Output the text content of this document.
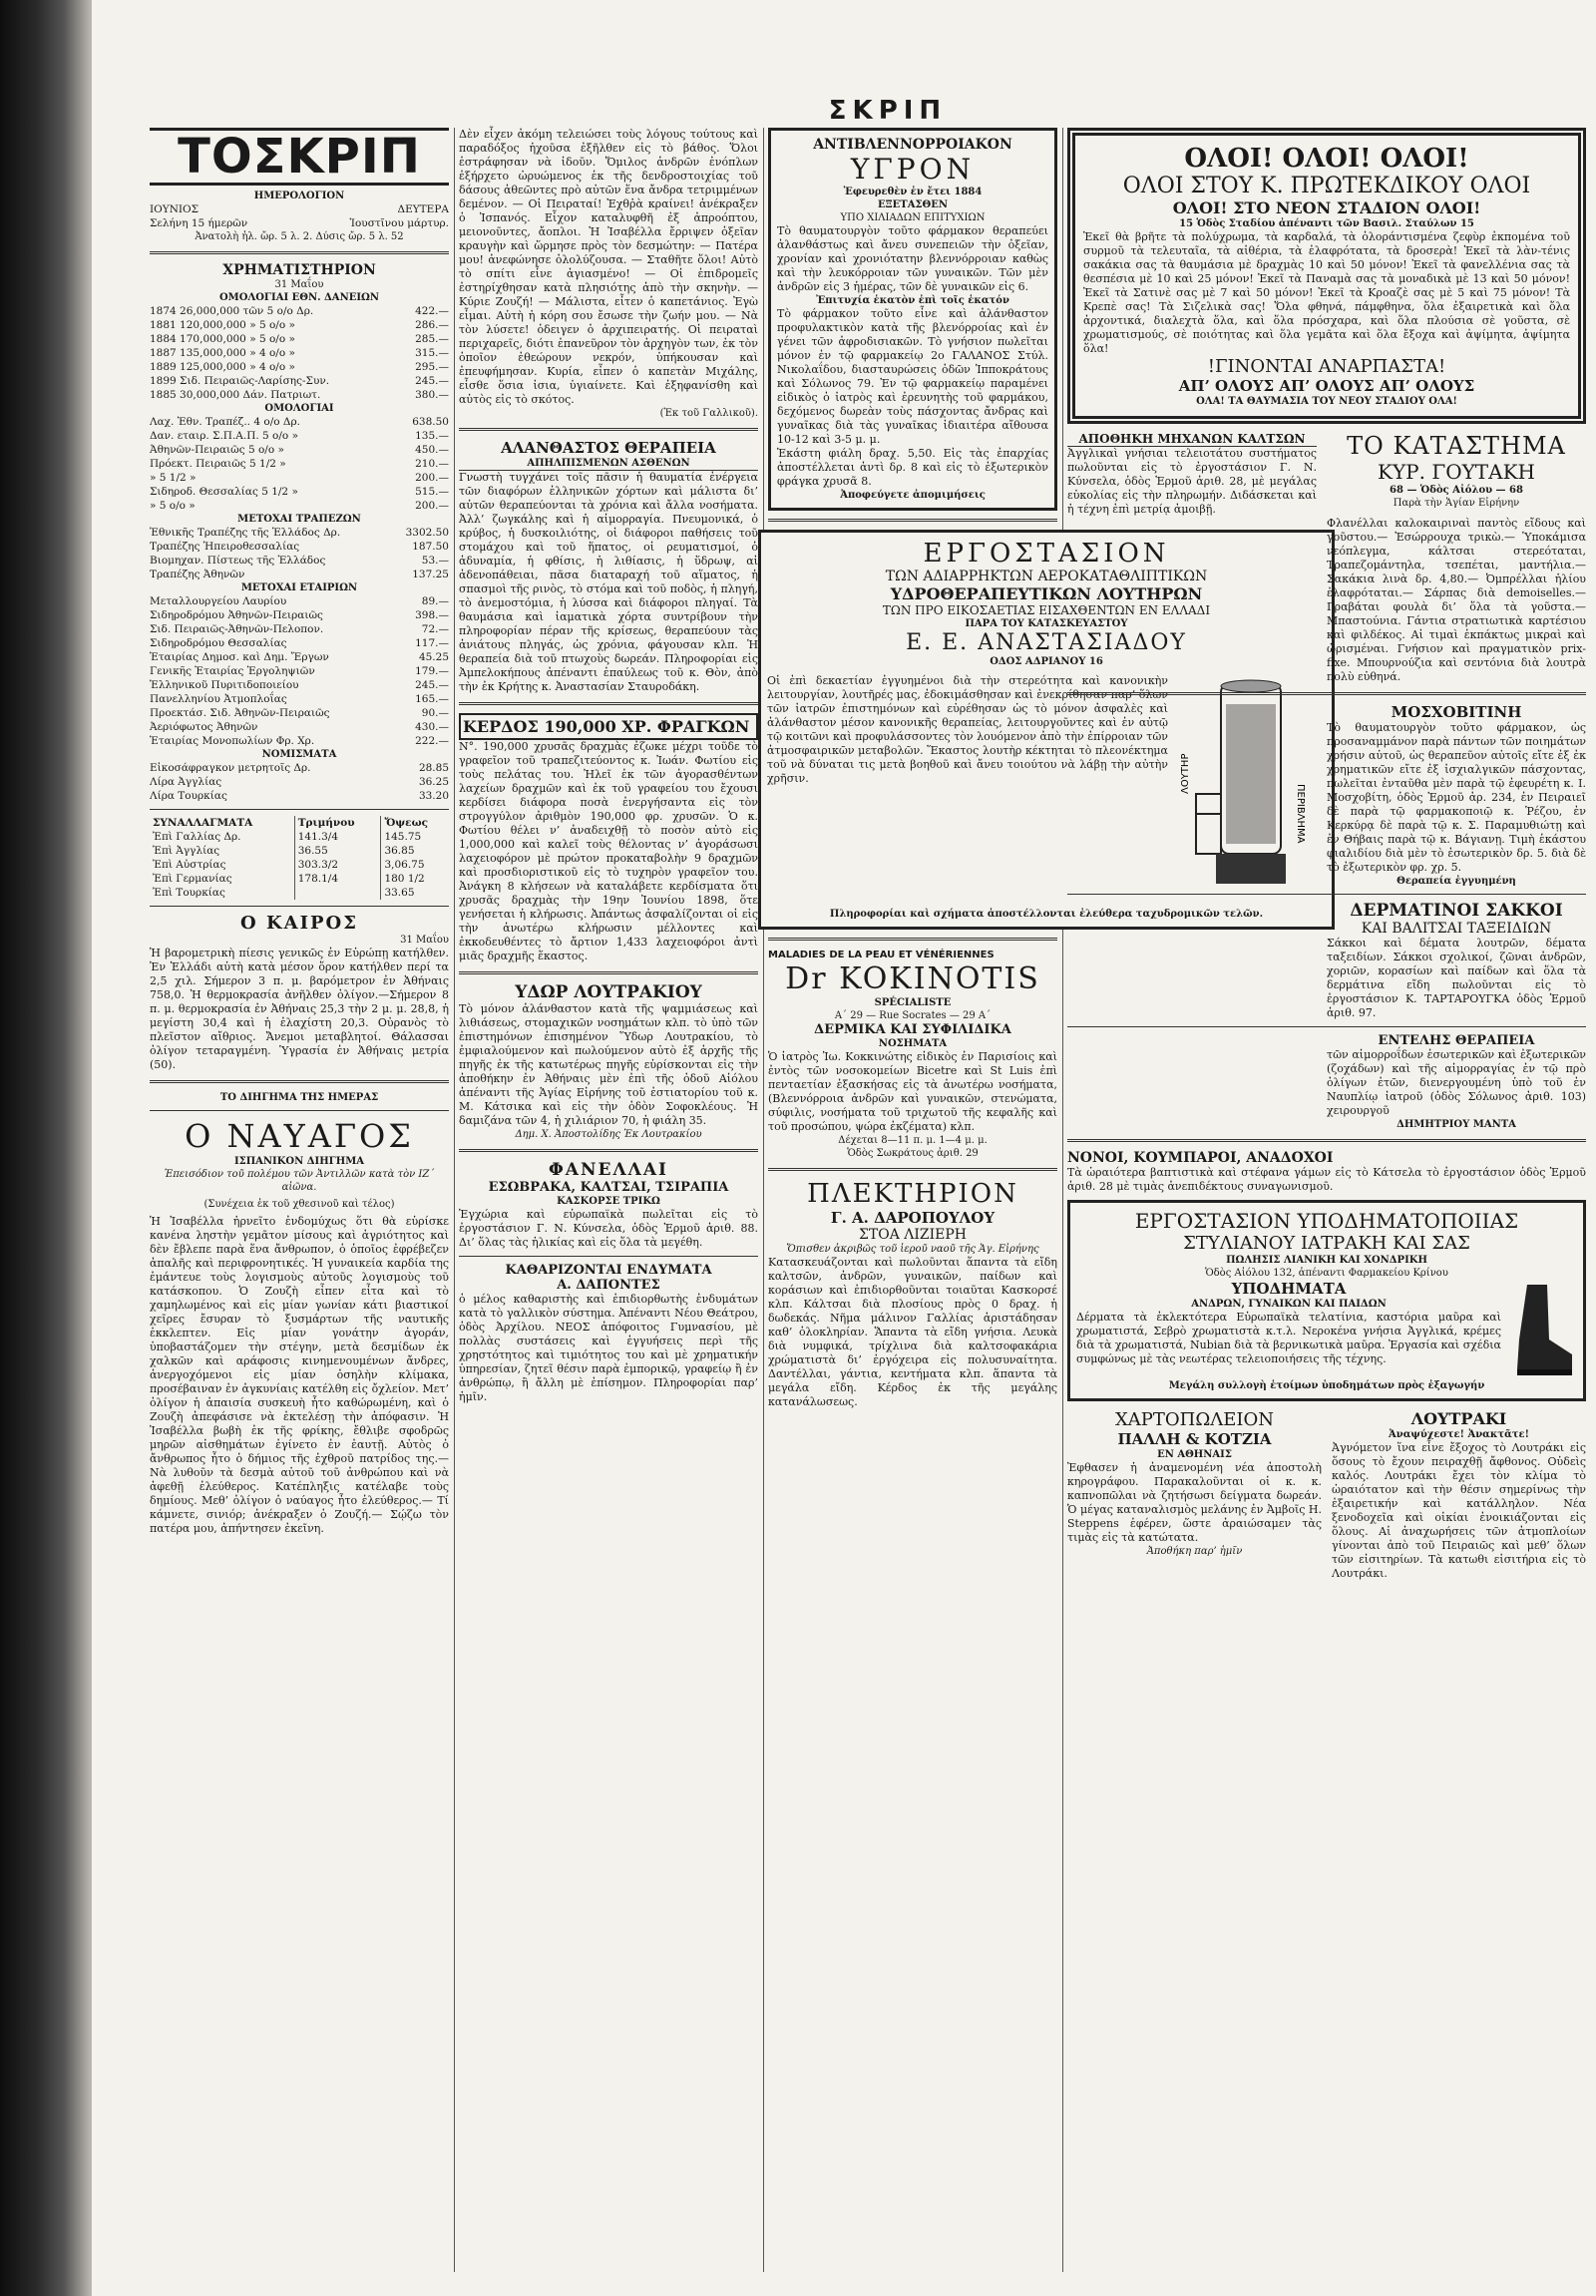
ΣΚΡΙΠ
ΤΟΣΚΡΙΠ
ΗΜΕΡΟΛΟΓΙΟΝ
ΙΟΥΝΙΟΣ	ΔΕΥΤΕΡΑ
Σελήνη 15 ήμερῶν	Ἰουστῖνου μάρτυρ.
Ἀνατολὴ ἡλ. ὤρ. 5 λ. 2. Δύσις ὤρ. 5 λ. 52
ΧΡΗΜΑΤΙΣΤΗΡΙΟΝ
31 Μαΐου
ΟΜΟΛΟΓΙΑΙ ΕΘΝ. ΔΑΝΕΙΩΝ
1874 26,000,000 τῶν 5 ο/ο Δρ.	422.—
1881 120,000,000 » 5 ο/ο »	286.—
1884 170,000,000 » 5 ο/ο »	285.—
1887 135,000,000 » 4 ο/ο »	315.—
1889 125,000,000 » 4 ο/ο »	295.—
1899 Σιδ. Πειραιῶς-Λαρίσης-Συν.	245.—
1885 30,000,000 Δάν. Πατριωτ.	380.—
ΟΜΟΛΟΓΙΑΙ
Λαχ. Ἐθν. Τραπέζ.. 4 ο/ο Δρ.	638.50
Δαν. εταιρ. Σ.Π.Α.Π. 5 ο/ο »	135.—
Ἀθηνῶν-Πειραιῶς 5 ο/ο »	450.—
Πρόεκτ. Πειραιῶς 5 1/2 »	210.—
» 5 1/2 »	200.—
Σιδηροδ. Θεσσαλίας 5 1/2 »	515.—
» 5 ο/ο »	200.—
ΜΕΤΟΧΑΙ ΤΡΑΠΕΖΩΝ
Ἐθνικῆς Τραπέζης τῆς Ἑλλάδος Δρ.	3302.50
Τραπέζης Ἠπειροθεσσαλίας	187.50
Βιομηχαν. Πίστεως τῆς Ἑλλάδος	53.—
Τραπέζης Ἀθηνῶν	137.25
ΜΕΤΟΧΑΙ ΕΤΑΙΡΙΩΝ
Μεταλλουργείου Λαυρίου	89.—
Σιδηροδρόμου Ἀθηνῶν-Πειραιῶς	398.—
Σιδ. Πειραιῶς-Ἀθηνῶν-Πελοπον.	72.—
Σιδηροδρόμου Θεσσαλίας	117.—
Ἑταιρίας Δημοσ. καὶ Δημ. Ἔργων	45.25
Γενικῆς Ἑταιρίας Ἐργοληψιῶν	179.—
Ἑλληνικοῦ Πυριτιδοποιείου	245.—
Πανελληνίου Ἀτμοπλοΐας	165.—
Προεκτάσ. Σιδ. Ἀθηνῶν-Πειραιῶς	90.—
Ἀεριόφωτος Ἀθηνῶν	430.—
Ἑταιρίας Μονοπωλίων Φρ. Χρ.	222.—
ΝΟΜΙΣΜΑΤΑ
Εἰκοσάφραγκον μετρητοῖς Δρ.	28.85
Λίρα Ἀγγλίας	36.25
Λίρα Τουρκίας	33.20
ΣΥΝΑΛΛΑΓΜΑΤΑ	Τριμήνου	Ὄψεως
Ἐπὶ Γαλλίας Δρ.	141.3/4	145.75
Ἐπὶ Ἀγγλίας	36.55	36.85
Ἐπὶ Αὐστρίας	303.3/2	3,06.75
Ἐπὶ Γερμανίας	178.1/4	180 1/2
Ἐπὶ Τουρκίας		33.65
Ο ΚΑΙΡΟΣ
31 Μαΐου

Ἡ βαρομετρικὴ πίεσις γενικῶς ἐν Εὐρώπῃ κατήλθεν. Ἐν Ἑλλάδι αὐτὴ κατὰ μέσον ὅρον κατήλθεν περί τα 2,5 χιλ. Σήμερον 3 π. μ. βαρόμετρον ἐν Ἀθήναις 758,0. Ἡ θερμοκρασία ἀνῆλθεν ὀλίγον.—Σήμερον 8 π. μ. θερμοκρασία ἐν Ἀθήναις 25,3 τὴν 2 μ. μ. 28,8, ἡ μεγίστη 30,4 καὶ ἡ ἐλαχίστη 20,3. Οὐρανὸς τὸ πλεῖστον αἴθριος. Ἄνεμοι μεταβλητοί. Θάλασσαι ὀλίγον τεταραγμένη. Ὑγρασία ἐν Ἀθήναις μετρία (50).

ΤΟ ΔΙΗΓΗΜΑ ΤΗΣ ΗΜΕΡΑΣ
Ο ΝΑΥΑΓΟΣ
ΙΣΠΑΝΙΚΟΝ ΔΙΗΓΗΜΑ
Ἐπεισόδιον τοῦ πολέμου τῶν Ἀντιλλῶν κατὰ τὸν ΙΖ΄ αἰῶνα.
(Συνέχεια ἐκ τοῦ χθεσινοῦ καὶ τέλος)

Ἡ Ἰσαβέλλα ἠρνεῖτο ἐνδομύχως ὅτι θὰ εὑρίσκε κανένα ληστὴν γεμᾶτον μίσους καὶ ἀγριότητος καὶ δὲν ἔβλεπε παρὰ ἕνα ἄνθρωπον, ὁ ὁποῖος ἐφρέβεζεν ἀπαλῆς καὶ περιφρονητικές. Ἡ γυναικεία καρδία της ἐμάντευε τοὺς λογισμοὺς αὐτοῦς λογισμοὺς τοῦ κατάσκοπου. Ὁ Ζουζὴ εἶπεν εἶτα καὶ τὸ χαμηλωμένος καὶ εἰς μίαν γωνίαν κάτι βιαστικοί χεῖρες ἔσυραν τὸ ξυσμάρτων τῆς ναυτικῆς ἐκκλεπτεν. Εἰς μίαν γονάτην ἀγοράν, ὑποβαστάζομεν τὴν στέγην, μετὰ δεσμίδων ἐκ χαλκῶν καὶ αράφοσις κινημενουμένων ἄνδρες, ἀνεργοχόμενοι εἰς μίαν ὀσηλὴν κλίμακα, προσέβαιναν ἐν ἀγκυνίαις κατέλθη εἰς ὄχλείον. Μετ’ ὀλίγον ἡ ἀπαισία συσκευὴ ἦτο καθώρωμένη, καὶ ὁ Ζουζὴ ἀπεφάσισε νὰ ἐκτελέσῃ τὴν ἀπόφασιν. Ἡ Ἰσαβέλλα βωβὴ ἐκ τῆς φρίκης, ἔθλιβε σφοδρῶς μηρῶν αἰσθημάτων ἐγίνετο ἐν ἑαυτῇ. Αὐτὸς ὁ ἄνθρωπος ἦτο ὁ δήμιος τῆς ἐχθροῦ πατρίδος της.— Νὰ λυθοῦν τὰ δεσμὰ αὐτοῦ τοῦ ἀνθρώπου καὶ νὰ ἀφεθῇ ἐλεύθερος. Κατέπληξις κατέλαβε τοὺς δημίους. Μεθ’ ὀλίγον ὁ ναύαγος ἦτο ἐλεύθερος.— Τί κάμνετε, σινιόρ; ἀνέκραξεν ὁ Ζουζή.— Σῴζω τὸν πατέρα μου, ἀπήντησεν ἐκεῖνη.

Δὲν εἶχεν ἀκόμη τελειώσει τοὺς λόγους τούτους καὶ παραδόξος ἠχοῦσα ἐξῆλθεν εἰς τὸ βάθος. Ὅλοι ἐστράφησαν νὰ ἰδοῦν. Ὅμιλος ἀνδρῶν ἐνόπλων ἐξήρχετο ὠρυώμενος ἐκ τῆς δενδροστοιχίας τοῦ δάσους ἀθεῶντες πρὸ αὐτῶν ἕνα ἄνδρα τετριμμένων δεμένον. — Οἱ Πειραταί! Ἐχθῤὰ κραίνει! ἀνέκραξεν ὁ Ἰσπανός. Εἶχον καταλυφθῆ ἐξ ἀπροόπτου, μειονοῦντες, ἄοπλοι. Ἡ Ἰσαβέλλα ἔρριψεν ὀξεῖαν κραυγὴν καὶ ὥρμησε πρὸς τὸν δεσμώτην: — Πατέρα μου! ἀνεφώνησε ὁλολύζουσα. — Σταθῆτε ὅλοι! Αὐτὸ τὸ σπίτι εἶνε ἀγιασμένο! — Οἱ ἐπιδρομεῖς ἐστηρίχθησαν κατὰ πλησιότης ἀπὸ τὴν σκηνὴν. — Κύριε Ζουζή! — Μάλιστα, εἶτεν ὁ καπετάνιος. Ἐγὼ εἶμαι. Αὐτὴ ἡ κόρη σου ἔσωσε τὴν ζωήν μου. — Νὰ τὸν λύσετε! ὁδειγεν ὁ ἀρχιπειρατής. Οἱ πειραταὶ περιχαρεῖς, διότι ἐπανεῦρον τὸν ἀρχηγὸν των, ἐκ τὸν ὁποῖον ἐθεώρουν νεκρόν, ὑπήκουσαν καὶ ἐπευφήμησαν. Κυρία, εἶπεν ὁ καπετὰν Μιχάλης, εἶσθε ὅσια ἰσια, ὑγιαίνετε. Καὶ ἐξηφανίσθη καὶ αὐτὸς εἰς τὸ σκότος.

(Ἐκ τοῦ Γαλλικοῦ).
ΑΛΑΝΘΑΣΤΟΣ ΘΕΡΑΠΕΙΑ
ΑΠΗΛΠΙΣΜΕΝΩΝ ΑΣΘΕΝΩΝ

Γνωστὴ τυγχάνει τοῖς πᾶσιν ἡ θαυματία ἐνέργεια τῶν διαφόρων ἑλληνικῶν χόρτων καὶ μάλιστα δι’ αὐτῶν θεραπεύονται τὰ χρόνια καὶ ἄλλα νοσήματα. Ἀλλ’ ζωγκάλης καὶ ἡ αἱμορραγία. Πνευμονικά, ὁ κρύβος, ἡ δυσκοιλιότης, οἱ διάφοροι παθήσεις τοῦ στομάχου καὶ τοῦ ἥπατος, οἱ ρευματισμοί, ὁ ἀδυναμία, ἡ φθίσις, ἡ λιθίασις, ἡ ὕδρωψ, αἱ ἀδενοπάθειαι, πᾶσα διαταραχή τοῦ αἵματος, ἡ σπασμοὶ τῆς ρινὸς, τὸ στόμα καὶ τοῦ ποδὸς, ἡ πληγή, τὸ ἀνεμοστόμια, ἡ λύσσα καὶ διάφοροι πληγαί. Τὰ θαυμάσια καὶ ἰαματικὰ χόρτα συντρίβουν τὴν πληροφορίαν πέραν τῆς κρίσεως, θεραπεύουν τὰς ἀνιάτους πληγάς, ὡς χρόνια, φάγουσαν κλπ. Ἡ θεραπεία διὰ τοῦ πτωχοὺς δωρεάν. Πληροφορίαι εἰς Ἀμπελοκήπους ἀπέναντι ἐπαύλεως τοῦ κ. Θὸν, ἀπὸ τὴν ἐκ Κρήτης κ. Ἀναστασίαν Σταυροδάκη.

ΚΕΡΔΟΣ 190,000 ΧΡ. ΦΡΑΓΚΩΝ

Ν°. 190,000 χρυσᾶς δραχμὰς ἐζωκε μέχρι τοῦδε τὸ γραφεῖον τοῦ τραπεζιτεύοντος κ. Ἰωάν. Φωτίου εἰς τοὺς πελάτας του. Ἠλεῖ ἐκ τῶν ἀγορασθέντων λαχείων δραχμῶν καὶ ἐκ τοῦ γραφείου του ἔχουσι κερδίσει διάφορα ποσὰ ἐνεργήσαντα εἰς τὸν στρογγύλον ἀριθμὸν 190,000 φρ. χρυσῶν. Ὁ κ. Φωτίου θέλει ν’ ἀναδειχθῇ τὸ ποσὸν αὐτὸ εἰς 1,000,000 καὶ καλεῖ τοὺς θέλοντας ν’ ἀγοράσωσι λαχειοφόρον μὲ πρώτον προκαταβολὴν 9 δραχμῶν καὶ προσδιοριστικοῦ εἰς τὸ τυχηρὸν γραφεῖον του. Ἀνάγκη 8 κλήσεων νὰ καταλάβετε κερδίσματα ὅτι χρυσᾶς δραχμὰς τὴν 19ην Ἰουνίου 1898, ὅτε γενήσεται ἡ κλήρωσις. Ἀπάντως ἀσφαλίζονται οἱ εἰς τὴν ἀνωτέρω κλήρωσιν μέλλοντες καὶ ἐκκοδευθέντες τὸ ἄρτιον 1,433 λαχειοφόροι ἀντὶ μιᾶς δραχμῆς ἕκαστος.

ΥΔΩΡ ΛΟΥΤΡΑΚΙΟΥ

Τὸ μόνον ἀλάνθαστον κατὰ τῆς ψαμμιάσεως καὶ λιθιάσεως, στομαχικῶν νοσημάτων κλπ. τὸ ὑπὸ τῶν ἐπιστημόνων ἐπισημένον Ὕδωρ Λουτρακίου, τὸ ἐμφιαλούμενον καὶ πωλούμενον αὐτὸ ἐξ ἀρχῆς τῆς πηγῆς ἐκ τῆς κατωτέρως πηγῆς εὑρίσκονται εἰς τὴν ἀποθήκην ἐν Ἀθήναις μὲν ἐπὶ τῆς ὁδοῦ Αἰόλου ἀπέναντι τῆς Ἁγίας Εἰρήνης τοῦ ἐστιατορίου τοῦ κ. Μ. Κάτσικα καὶ εἰς τὴν ὁδὸν Σοφοκλέους. Ἡ δαμιζάνα τῶν 4, ἡ χιλιάριον 70, ἡ φιάλη 35.

Δημ. Χ. Ἀποστολίδης Ἐκ Λουτρακίου
ΦΑΝΕΛΛΑΙ
ΕΣΩΒΡΑΚΑ, ΚΑΛΤΣΑΙ, ΤΣΙΡΑΠΙΑ
ΚΑΣΚΟΡΣΕ ΤΡΙΚΩ

Ἐγχώρια καὶ εὐρωπαϊκὰ πωλεῖται εἰς τὸ ἐργοστάσιον Γ. Ν. Κύνσελα, ὁδὸς Ἑρμοῦ ἀριθ. 88. Δι’ ὅλας τὰς ἡλικίας καὶ εἰς ὅλα τὰ μεγέθη.

ΚΑΘΑΡΙΖΟΝΤΑΙ ΕΝΔΥΜΑΤΑ
Α. ΔΑΠΟΝΤΕΣ

ὁ μέλος καθαριστὴς καὶ ἐπιδιορθωτὴς ἐνδυμάτων κατὰ τὸ γαλλικὸν σύστημα. Ἀπέναντι Νέου Θεάτρου, ὁδὸς Ἀρχίλου. ΝΕΟΣ ἀπόφοιτος Γυμνασίου, μὲ πολλὰς συστάσεις καὶ ἐγγυήσεις περὶ τῆς χρηστότητος καὶ τιμιότητος του καὶ μὲ χρηματικήν ὑπηρεσίαν, ζητεῖ θέσιν παρὰ ἐμπορικῷ, γραφείῳ ἢ ἐν ἀνθρώπῳ, ἢ ἄλλη μὲ ἐπίσημον. Πληροφορίαι παρ’ ἡμῖν.

ΑΝΤΙΒΛΕΝΝΟΡΡΟΙΑΚΟΝ
ΥΓΡΟΝ
Ἐφευρεθὲν ἐν ἔτει 1884
ΕΞΕΤΑΣΘΕΝ
ΥΠΟ ΧΙΛΙΑΔΩΝ ΕΠΙΤΥΧΙΩΝ

Τὸ θαυματουργὸν τοῦτο φάρμακον θεραπεύει ἀλανθάστως καὶ ἄνευ συνεπειῶν τὴν ὀξεῖαν, χρονίαν καὶ χρονιότατην βλεννόρροιαν καθὼς καὶ τὴν λευκόρροιαν τῶν γυναικῶν. Τῶν μὲν ἀνδρῶν εἰς 3 ἡμέρας, τῶν δὲ γυναικῶν εἰς 6.

Ἐπιτυχία ἑκατὸν ἐπὶ τοῖς ἑκατόν

Τὸ φάρμακον τοῦτο εἶνε καὶ ἀλάνθαστον προφυλακτικὸν κατὰ τῆς βλενόρροίας καὶ ἐν γένει τῶν ἀφροδισιακῶν. Τὸ γνήσιον πωλεῖται μόνον ἐν τῷ φαρμακείῳ 2ο ΓΑΛΑΝΟΣ Στύλ. Νικολαΐδου, διασταυρώσεις ὁδῶν Ἱπποκράτους καὶ Σόλωνος 79. Ἐν τῷ φαρμακείῳ παραμένει εἰδικὸς ὁ ἰατρὸς καὶ ἐρευνητὴς τοῦ φαρμάκου, δεχόμενος δωρεὰν τοὺς πάσχοντας ἄνδρας καὶ γυναῖκας διὰ τὰς γυναῖκας ἰδιαιτέρα αἴθουσα 10-12 καὶ 3-5 μ. μ.

Ἑκάστη φιάλη δραχ. 5,50. Εἰς τὰς ἐπαρχίας ἀποστέλλεται ἀντὶ δρ. 8 καὶ εἰς τὸ ἐξωτερικὸν φράγκα χρυσᾶ 8.

Ἀποφεύγετε ἀπομιμήσεις
ΕΡΓΟΣΤΑΣΙΟΝ
ΤΩΝ ΑΔΙΑΡΡΗΚΤΩΝ ΑΕΡΟΚΑΤΑΘΛΙΠΤΙΚΩΝ
ΥΔΡΟΘΕΡΑΠΕΥΤΙΚΩΝ ΛΟΥΤΗΡΩΝ
ΤΩΝ ΠΡΟ ΕΙΚΟΣΑΕΤΙΑΣ ΕΙΣΑΧΘΕΝΤΩΝ ΕΝ ΕΛΛΑΔΙ
ΠΑΡΑ ΤΟΥ ΚΑΤΑΣΚΕΥΑΣΤΟΥ
Ε. Ε. ΑΝΑΣΤΑΣΙΑΔΟΥ
ΟΔΟΣ ΑΔΡΙΑΝΟΥ 16

Οἱ ἐπὶ δεκαετίαν ἐγγυημένοι διὰ τὴν στερεότητα καὶ κανονικὴν λειτουργίαν, λουτῆρές μας, ἐδοκιμάσθησαν καὶ ἐνεκρίθησαν παρ’ ὅλων τῶν ἰατρῶν ἐπιστημόνων καὶ εὑρέθησαν ὡς τὸ μόνον ἀσφαλὲς καὶ ἀλάνθαστον μέσον κανονικῆς θεραπείας, λειτουργοῦντες καὶ ἐν αὐτῷ τῷ κοιτῶνι καὶ προφυλάσσοντες τὸν λουόμενον ἀπὸ τὴν ἐπίρροιαν τῶν ἀτμοσφαιρικῶν μεταβολῶν. Ἕκαστος λουτὴρ κέκτηται τὸ πλεονέκτημα τοῦ νὰ δύναται τις μετὰ βοηθοῦ καὶ ἄνευ τοιούτου νὰ λάβῃ τὴν αὐτὴν χρῆσιν.

ΠΕΡΙΒΛΗΜΑ
ΛΟΥΤΗΡ
Πληροφορίαι καὶ σχήματα ἀποστέλλονται ἐλεύθερα ταχυδρομικῶν τελῶν.
MALADIES DE LA PEAU ET VÉNÉRIENNES
Dr KOKINOTIS
SPÉCIALISTE
Α΄ 29 — Rue Socrates — 29 Α΄
ΔΕΡΜΙΚΑ ΚΑΙ ΣΥΦΙΛΙΔΙΚΑ
ΝΟΣΗΜΑΤΑ

Ὁ ἰατρὸς Ἰω. Κοκκινώτης εἰδικὸς ἐν Παρισίοις καὶ ἐντὸς τῶν νοσοκομείων Bicetre καὶ St Luis ἐπὶ πενταετίαν ἐξασκήσας εἰς τὰ ἀνωτέρω νοσήματα, (Βλεννόρροια ἀνδρῶν καὶ γυναικῶν, στενώματα, σύφιλις, νοσήματα τοῦ τριχωτοῦ τῆς κεφαλῆς καὶ τοῦ προσώπου, ψώρα ἐκζέματα) κλπ.

Δέχεται 8—11 π. μ. 1—4 μ. μ.
Ὁδὸς Σωκράτους ἀριθ. 29
ΠΛΕΚΤΗΡΙΟΝ
Γ. Α. ΔΑΡΟΠΟΥΛΟΥ
ΣΤΟΑ ΛΙΖΙΕΡΗ
Ὄπισθεν ἀκριβῶς τοῦ ἱεροῦ ναοῦ τῆς Ἁγ. Εἰρήνης

Κατασκευάζονται καὶ πωλοῦνται ἅπαντα τὰ εἴδη καλτσῶν, ἀνδρῶν, γυναικῶν, παίδων καὶ κοράσιων καὶ ἐπιδιορθοῦνται τοιαῦται Κασκορσέ κλπ. Κάλτσαι διὰ πλοσίους πρὸς 0 δραχ. ἡ δωδεκάς. Νῆμα μάλινον Γαλλίας ἀριστάδησαν καθ’ ὁλοκληρίαν. Ἅπαντα τὰ εἴδη γνήσια. Λευκὰ διὰ νυμφικά, τρίχλινα διὰ καλτσοφακάρια χρώματιστὰ δι’ ἐργόχειρα εἰς πολυσυναίτητα. Δαντέλλαι, γάντια, κεντήματα κλπ. ἅπαντα τὰ μεγάλα εἴδη. Κέρδος ἐκ τῆς μεγάλης κατανάλωσεως.

ΟΛΟΙ! ΟΛΟΙ! ΟΛΟΙ!
ΟΛΟΙ ΣΤΟΥ Κ. ΠΡΩΤΕΚΔΙΚΟΥ ΟΛΟΙ
ΟΛΟΙ! ΣΤΟ ΝΕΟΝ ΣΤΑΔΙΟΝ ΟΛΟΙ!
15 Ὁδὸς Σταδίου ἀπέναντι τῶν Βασιλ. Σταύλων 15

Ἐκεῖ θὰ βρῆτε τὰ πολύχρωμα, τὰ καρδαλά, τὰ ὁλοράντισμένα ζεφὺρ ἐκπομένα τοῦ συρμοῦ τὰ τελευταῖα, τὰ αἰθέρια, τὰ ἐλαφρότατα, τὰ δροσερὰ! Ἐκεῖ τὰ λὰν-τένις σακάκια σας τὰ θαυμάσια μὲ δραχμὰς 10 καὶ 50 μόνον! Ἐκεῖ τὰ φανελλένια σας τὰ θεσπέσια μὲ 10 καὶ 25 μόνον! Ἐκεῖ τὰ Παναμὰ σας τὰ μοναδικὰ μὲ 13 καὶ 50 μόνον! Ἐκεῖ τὰ Σατινὲ σας μὲ 7 καὶ 50 μόνον! Ἐκεῖ τὰ Κροαζὲ σας μὲ 5 καὶ 75 μόνον! Τὰ Κρεπὲ σας! Τὰ Σιζελικὰ σας! Ὅλα φθηνά, πάμφθηνα, ὅλα ἐξαιρετικὰ καὶ ὅλα ἀρχοντικά, διαλεχτὰ ὅλα, καὶ ὅλα πρόσχαρα, καὶ ὅλα πλούσια σὲ γοῦστα, σὲ χρωματισμούς, σὲ ποιότητας καὶ ὅλα γεμᾶτα καὶ ὅλα ἔξοχα καὶ ἀψίμητα, ἀψίμητα ὅλα!

!ΓΙΝΟΝΤΑΙ ΑΝΑΡΠΑΣΤΑ!
ΑΠ’ ΟΛΟΥΣ ΑΠ’ ΟΛΟΥΣ ΑΠ’ ΟΛΟΥΣ
ΟΛΑ! ΤΑ ΘΑΥΜΑΣΙΑ ΤΟΥ ΝΕΟΥ ΣΤΑΔΙΟΥ ΟΛΑ!
ΑΠΟΘΗΚΗ ΜΗΧΑΝΩΝ ΚΑΛΤΣΩΝ

Ἀγγλικαὶ γνήσιαι τελειοτάτου συστήματος πωλοῦνται εἰς τὸ ἐργοστάσιον Γ. Ν. Κύνσελα, ὁδὸς Ἑρμοῦ ἀριθ. 28, μὲ μεγάλας εὐκολίας εἰς τὴν πληρωμήν. Διδάσκεται καὶ ἡ τέχνη ἐπὶ μετρίᾳ ἀμοιβῇ.

ΤΟ ΚΑΤΑΣΤΗΜΑ
ΚΥΡ. ΓΟΥΤΑΚΗ
68 — Ὁδὸς Αἰόλου — 68
Παρὰ τὴν Ἁγίαν Εἰρήνην

Φλανέλλαι καλοκαιριναὶ παντὸς εἴδους καὶ γοῦστου.— Ἐσώρρουχα τρικὼ.— Ὑποκάμισα νεόπλεγμα, κάλτσαι στερεόταται, Τραπεζομάντηλα, τσεπέται, μαντήλια.—Σακάκια λινὰ δρ. 4,80.— Ὀμπρέλλαι ἡλίου ἐλαφρόταται.— Σάρπας διὰ demoiselles.— Γραβάται φουλὰ δι’ ὅλα τὰ γοῦστα.— Μπαστούνια. Γάντια στρατιωτικὰ καρτέσιου καὶ φιλδέκος. Αἱ τιμαὶ ἐκπάκτως μικραὶ καὶ ὡρισμέναι. Γνήσιον καὶ πραγματικὸν prix-fixe. Μπουρνούζια καὶ σεντόνια διὰ λουτρὰ πολὺ εὐθηνά.

ΜΟΣΧΟΒΙΤΙΝΗ

Τὸ θαυματουργὸν τοῦτο φάρμακον, ὡς προσαναμμάνον παρὰ πάντων τῶν ποιημάτων χρήσιν αὐτοῦ, ὡς θεραπεῦον αὐτοῖς εἴτε ἐξ ἐκ χρηματικῶν εἴτε ἐξ ἰσχιαλγικῶν πάσχοντας, πωλεῖται ἐνταῦθα μὲν παρὰ τῷ ἐφευρέτη κ. Ι. Μοσχοβίτη, ὁδὸς Ἑρμοῦ ἀρ. 234, ἐν Πειραιεῖ δὲ παρὰ τῷ φαρμακοποιῷ κ. Ῥέζου, ἐν Κερκύρᾳ δὲ παρὰ τῷ κ. Σ. Παραμυθιώτῃ καὶ ἐν Θήβαις παρὰ τῷ κ. Βάγιανῃ. Τιμὴ ἑκάστου φιαλιδίου διὰ μὲν τὸ ἐσωτερικὸν δρ. 5. διὰ δὲ τὸ ἐξωτερικὸν φρ. χρ. 5.

Θεραπεία ἐγγυημένη
ΔΕΡΜΑΤΙΝΟΙ ΣΑΚΚΟΙ
ΚΑΙ ΒΑΛΙΤΣΑΙ ΤΑΞΕΙΔΙΩΝ

Σάκκοι καὶ δέματα λουτρῶν, δέματα ταξειδίων. Σάκκοι σχολικοί, ζῶναι ἀνδρῶν, χοριῶν, κορασίων καὶ παίδων καὶ ὅλα τὰ δερμάτινα εἴδη πωλοῦνται εἰς τὸ ἐργοστάσιον Κ. ΤΑΡΤΑΡΟΥΓΚΑ ὁδὸς Ἑρμοῦ ἀριθ. 97.

ΕΝΤΕΛΗΣ ΘΕΡΑΠΕΙΑ

τῶν αἱμορροΐδων ἐσωτερικῶν καὶ ἐξωτερικῶν (ζοχάδων) καὶ τῆς αἱμορραγίας ἐν τῷ πρὸ ὀλίγων ἐτῶν, διενεργουμένη ὑπὸ τοῦ ἐν Ναυπλίῳ ἰατροῦ (ὁδὸς Σόλωνος ἀριθ. 103) χειρουργοῦ

ΔΗΜΗΤΡΙΟΥ ΜΑΝΤΑ
ΝΟΝΟΙ, ΚΟΥΜΠΑΡΟΙ, ΑΝΑΔΟΧΟΙ

Τὰ ὡραιότερα βαπτιστικὰ καὶ στέφανα γάμων εἰς τὸ Κάτσελα τὸ ἐργοστάσιον ὁδὸς Ἑρμοῦ ἀριθ. 28 μὲ τιμὰς ἀνεπιδέκτους συναγωνισμοῦ.

ΕΡΓΟΣΤΑΣΙΟΝ ΥΠΟΔΗΜΑΤΟΠΟΙΙΑΣ
ΣΤΥΛΙΑΝΟΥ ΙΑΤΡΑΚΗ ΚΑΙ ΣΑΣ
ΠΩΛΗΣΙΣ ΛΙΑΝΙΚΗ ΚΑΙ ΧΟΝΔΡΙΚΗ
Ὁδὸς Αἰόλου 132, ἀπέναντι Φαρμακείου Κρίνου
ΥΠΟΔΗΜΑΤΑ
ΑΝΔΡΩΝ, ΓΥΝΑΙΚΩΝ ΚΑΙ ΠΑΙΔΩΝ

Δέρματα τὰ ἐκλεκτότερα Εὐρωπαϊκὰ τελατίνια, καστόρια μαῦρα καὶ χρωματιστά, Σεβρὸ χρωματιστὰ κ.τ.λ. Νεροκένα γνήσια Ἀγγλικά, κρέμες διὰ τὰ χρωματιστά, Nubian διὰ τὰ βερνικωτικὰ μαῦρα. Ἐργασία καὶ σχέδια συμφώνως μὲ τὰς νεωτέρας τελειοποιήσεις τῆς τέχνης.

Μεγάλη συλλογὴ ἑτοίμων ὑποδημάτων πρὸς ἐξαγωγήν
ΧΑΡΤΟΠΩΛΕΙΟΝ
ΠΑΛΛΗ & ΚΟΤΖΙΑ
ΕΝ ΑΘΗΝΑΙΣ

Ἐφθασεν ἡ ἀναμενομένη νέα ἀποστολὴ κηρογράφου. Παρακαλοῦνται οἱ κ. κ. καπνοπῶλαι νὰ ζητήσωσι δείγματα δωρεάν. Ὁ μέγας καταναλισμὸς μελάνης ἐν Ἀμβοῖς Η. Steppens ἐφέρεν, ὥστε ἀραιώσαμεν τὰς τιμὰς εἰς τὰ κατώτατα.

Ἀποθήκη παρ’ ἡμῖν
ΛΟΥΤΡΑΚΙ
Ἀναψύχεστε! Ἀνακτᾶτε!

Ἀγνόμετον ἵνα εἶνε ἔξοχος τὸ Λουτράκι εἰς ὅσους τὸ ἔχουν πειραχθῇ ἄφθονος. Οὐδεὶς καλός. Λουτράκι ἔχει τὸν κλίμα τὸ ὠραιότατον καὶ τὴν θέσιν σημερίνως τὴν ἐξαιρετικήν καὶ κατάλληλον. Νέα ξενοδοχεῖα καὶ οἰκίαι ἐνοικιάζονται εἰς ὅλους. Αἱ ἀναχωρήσεις τῶν ἀτμοπλοίων γίνονται ἀπὸ τοῦ Πειραιῶς καὶ μεθ’ ὅλων τῶν εἰσιτηρίων. Τὰ κατωθι εἰσιτήρια εἰς τὸ Λουτράκι.
